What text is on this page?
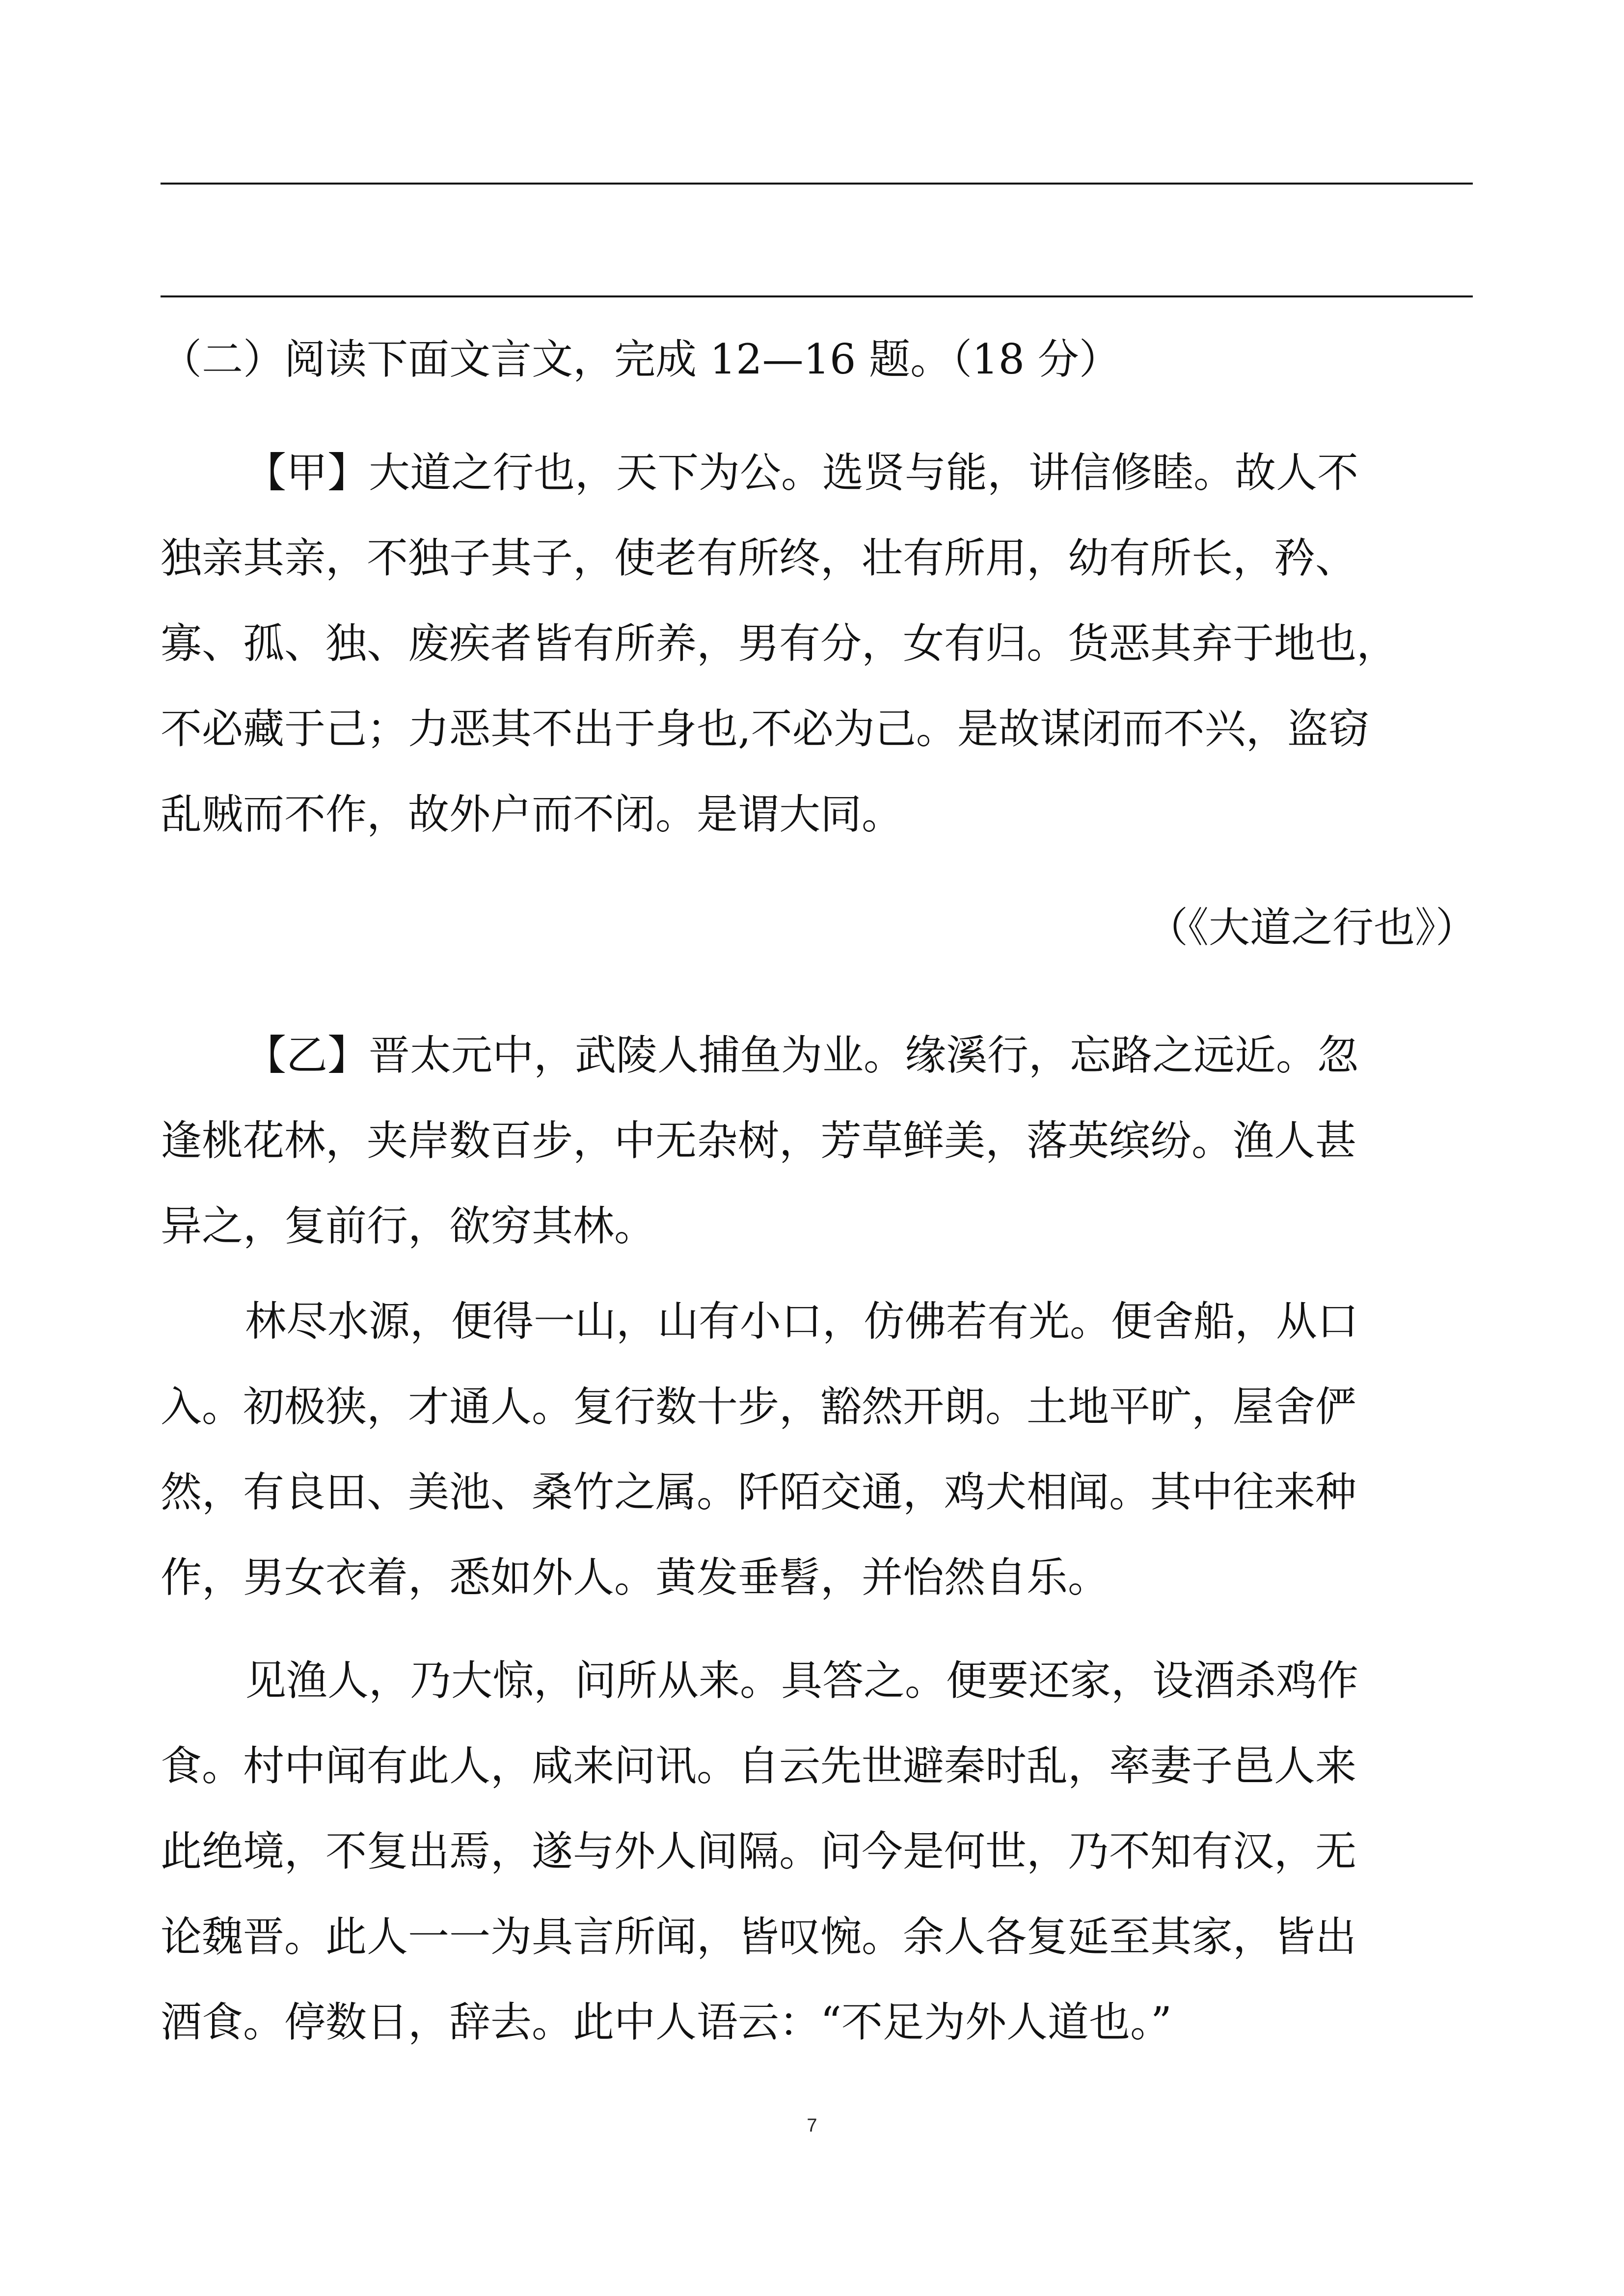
（二）阅读下面文言文，完成 12—16 题。（18 分）
【甲】大道之行也，天下为公。选贤与能，讲信修睦。故人不
独亲其亲，不独子其子，使老有所终，壮有所用，幼有所长，矜、
寡、孤、独、废疾者皆有所养，男有分，女有归。货恶其弃于地也，
不必藏于己；力恶其不出于身也,不必为己。是故谋闭而不兴，盗窃
乱贼而不作，故外户而不闭。是谓大同。
（《大道之行也》）
【乙】晋太元中，武陵人捕鱼为业。缘溪行，忘路之远近。忽
逢桃花林，夹岸数百步，中无杂树，芳草鲜美，落英缤纷。渔人甚
异之，复前行，欲穷其林。
林尽水源，便得一山，山有小口，仿佛若有光。便舍船，从口
入。初极狭，才通人。复行数十步，豁然开朗。土地平旷，屋舍俨
然，有良田、美池、桑竹之属。阡陌交通，鸡犬相闻。其中往来种
作，男女衣着，悉如外人。黄发垂髫，并怡然自乐。
见渔人，乃大惊，问所从来。具答之。便要还家，设酒杀鸡作
食。村中闻有此人，咸来问讯。自云先世避秦时乱，率妻子邑人来
此绝境，不复出焉，遂与外人间隔。问今是何世，乃不知有汉，无
论魏晋。此人一一为具言所闻，皆叹惋。余人各复延至其家，皆出
酒食。停数日，辞去。此中人语云：“不足为外人道也。”
7
